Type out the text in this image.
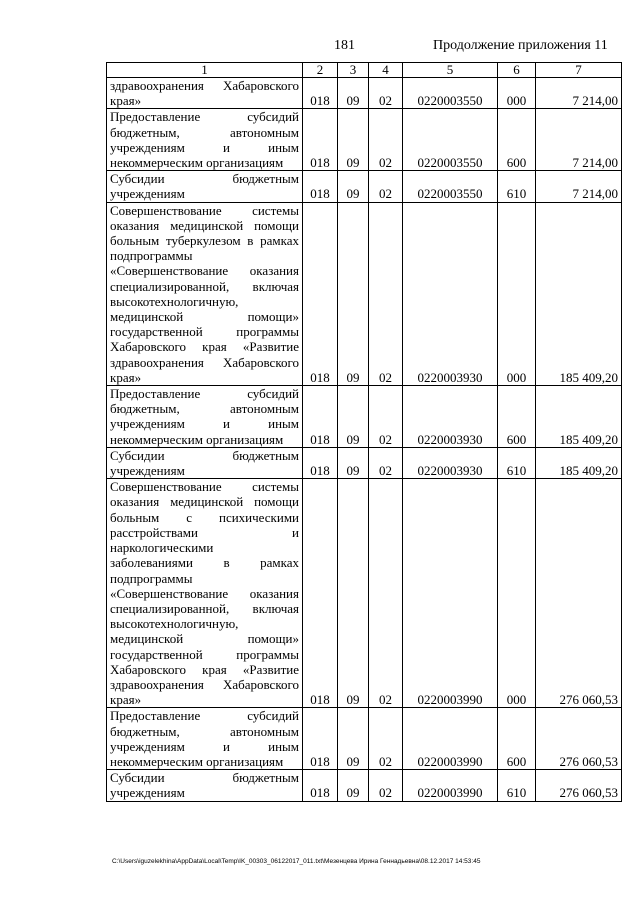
181	Продолжение приложения 11
1	2	3	4	5	6	7
здравоохранения Хабаровского края»	018	09	02	0220003550	000	7 214,00
Предоставление субсидий бюджетным, автономным учреждениям и иным некоммерческим организациям	018	09	02	0220003550	600	7 214,00
Субсидии бюджетным учреждениям	018	09	02	0220003550	610	7 214,00
Совершенствование системы оказания медицинской помощи больным туберкулезом в рамках подпрограммы «Совершенствование оказания специализированной, включая высокотехнологичную, медицинской помощи» государственной программы Хабаровского края «Развитие здравоохранения Хабаровского края»	018	09	02	0220003930	000	185 409,20
Предоставление субсидий бюджетным, автономным учреждениям и иным некоммерческим организациям	018	09	02	0220003930	600	185 409,20
Субсидии бюджетным учреждениям	018	09	02	0220003930	610	185 409,20
Совершенствование системы оказания медицинской помощи больным с психическими расстройствами и наркологическими заболеваниями в рамках подпрограммы «Совершенствование оказания специализированной, включая высокотехнологичную, медицинской помощи» государственной программы Хабаровского края «Развитие здравоохранения Хабаровского края»	018	09	02	0220003990	000	276 060,53
Предоставление субсидий бюджетным, автономным учреждениям и иным некоммерческим организациям	018	09	02	0220003990	600	276 060,53
Субсидии бюджетным учреждениям	018	09	02	0220003990	610	276 060,53
C:\Users\iguzelekhina\AppData\Local\Temp\IK_00303_06122017_011.txt\Мезенцева Ирина Геннадьевна\08.12.2017 14:53:45
